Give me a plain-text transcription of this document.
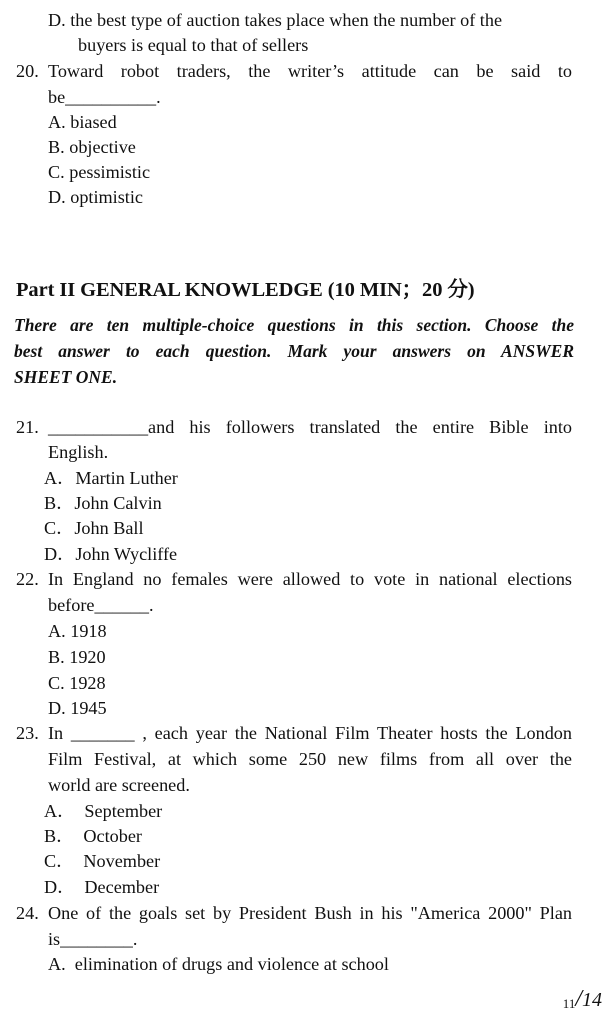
D. the best type of auction takes place when the number of the
buyers is equal to that of sellers
20. Toward robot traders, the writer’s attitude can be said to
be__________.
A. biased
B. objective
C. pessimistic
D. optimistic
Part II GENERAL KNOWLEDGE (10 MIN；20 分)
There are ten multiple-choice questions in this section. Choose the
best answer to each question. Mark your answers on ANSWER
SHEET ONE.
21. ___________and his followers translated the entire Bible into
English.
A．Martin Luther
B．John Calvin
C．John Ball
D．John Wycliffe
22. In England no females were allowed to vote in national elections
before______.
A. 1918
B. 1920
C. 1928
D. 1945
23. In _______ , each year the National Film Theater hosts the London
Film Festival, at which some 250 new films from all over the
world are screened.
A．  September
B．  October
C．  November
D．  December
24. One of the goals set by President Bush in his "America 2000" Plan
is________.
A.  elimination of drugs and violence at school
11/14
